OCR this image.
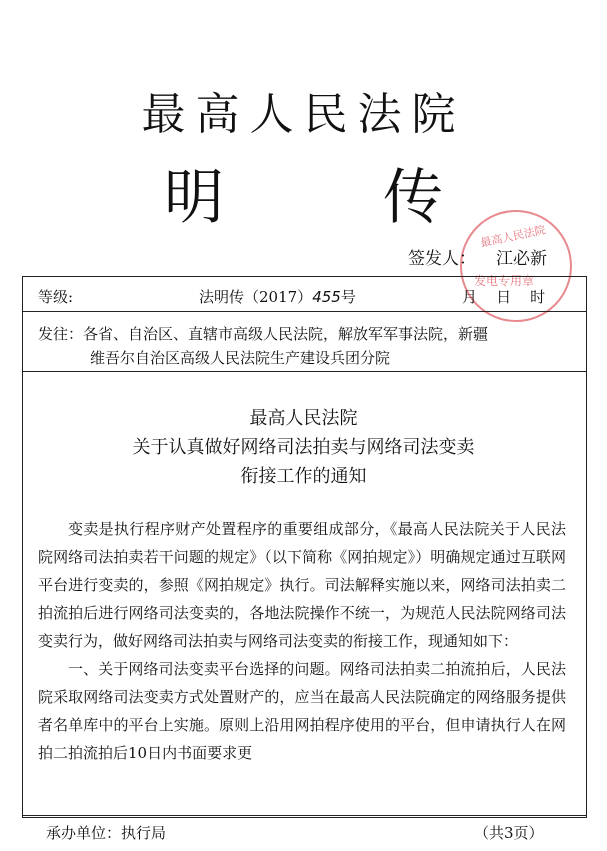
最高人民法院
明 传
最高人民法院
发电专用章
签发人： 江必新
等级:	法明传（2017）455号	月    日    时
发往：各省、自治区、直辖市高级人民法院，解放军军事法院，新疆
维吾尔自治区高级人民法院生产建设兵团分院
最高人民法院
关于认真做好网络司法拍卖与网络司法变卖
衔接工作的通知

变卖是执行程序财产处置程序的重要组成部分，《最高人民法院关于人民法院网络司法拍卖若干问题的规定》（以下简称《网拍规定》）明确规定通过互联网平台进行变卖的，参照《网拍规定》执行。司法解释实施以来，网络司法拍卖二拍流拍后进行网络司法变卖的，各地法院操作不统一，为规范人民法院网络司法变卖行为，做好网络司法拍卖与网络司法变卖的衔接工作，现通知如下：

一、关于网络司法变卖平台选择的问题。网络司法拍卖二拍流拍后，人民法院采取网络司法变卖方式处置财产的，应当在最高人民法院确定的网络服务提供者名单库中的平台上实施。原则上沿用网拍程序使用的平台，但申请执行人在网拍二拍流拍后10日内书面要求更

承办单位：执行局	（共3页）
